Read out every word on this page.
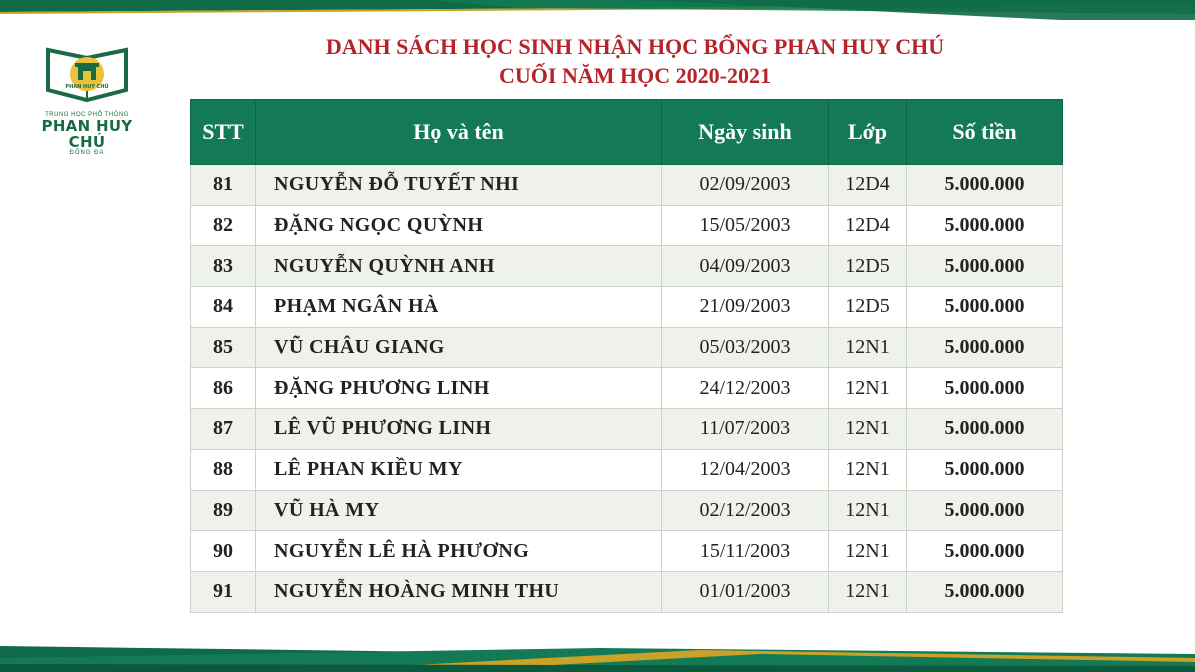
PHAN HUY CHÚ
TRUNG HỌC PHỔ THÔNG
PHAN HUY CHÚ
ĐỐNG ĐA
DANH SÁCH HỌC SINH NHẬN HỌC BỔNG PHAN HUY CHÚ
CUỐI NĂM HỌC 2020-2021
STT	Họ và tên	Ngày sinh	Lớp	Số tiền
81	NGUYỄN ĐỖ TUYẾT NHI	02/09/2003	12D4	5.000.000
82	ĐẶNG NGỌC QUỲNH	15/05/2003	12D4	5.000.000
83	NGUYỄN QUỲNH ANH	04/09/2003	12D5	5.000.000
84	PHẠM NGÂN HÀ	21/09/2003	12D5	5.000.000
85	VŨ CHÂU GIANG	05/03/2003	12N1	5.000.000
86	ĐẶNG PHƯƠNG LINH	24/12/2003	12N1	5.000.000
87	LÊ VŨ PHƯƠNG LINH	11/07/2003	12N1	5.000.000
88	LÊ PHAN KIỀU MY	12/04/2003	12N1	5.000.000
89	VŨ HÀ MY	02/12/2003	12N1	5.000.000
90	NGUYỄN LÊ HÀ PHƯƠNG	15/11/2003	12N1	5.000.000
91	NGUYỄN HOÀNG MINH THU	01/01/2003	12N1	5.000.000
